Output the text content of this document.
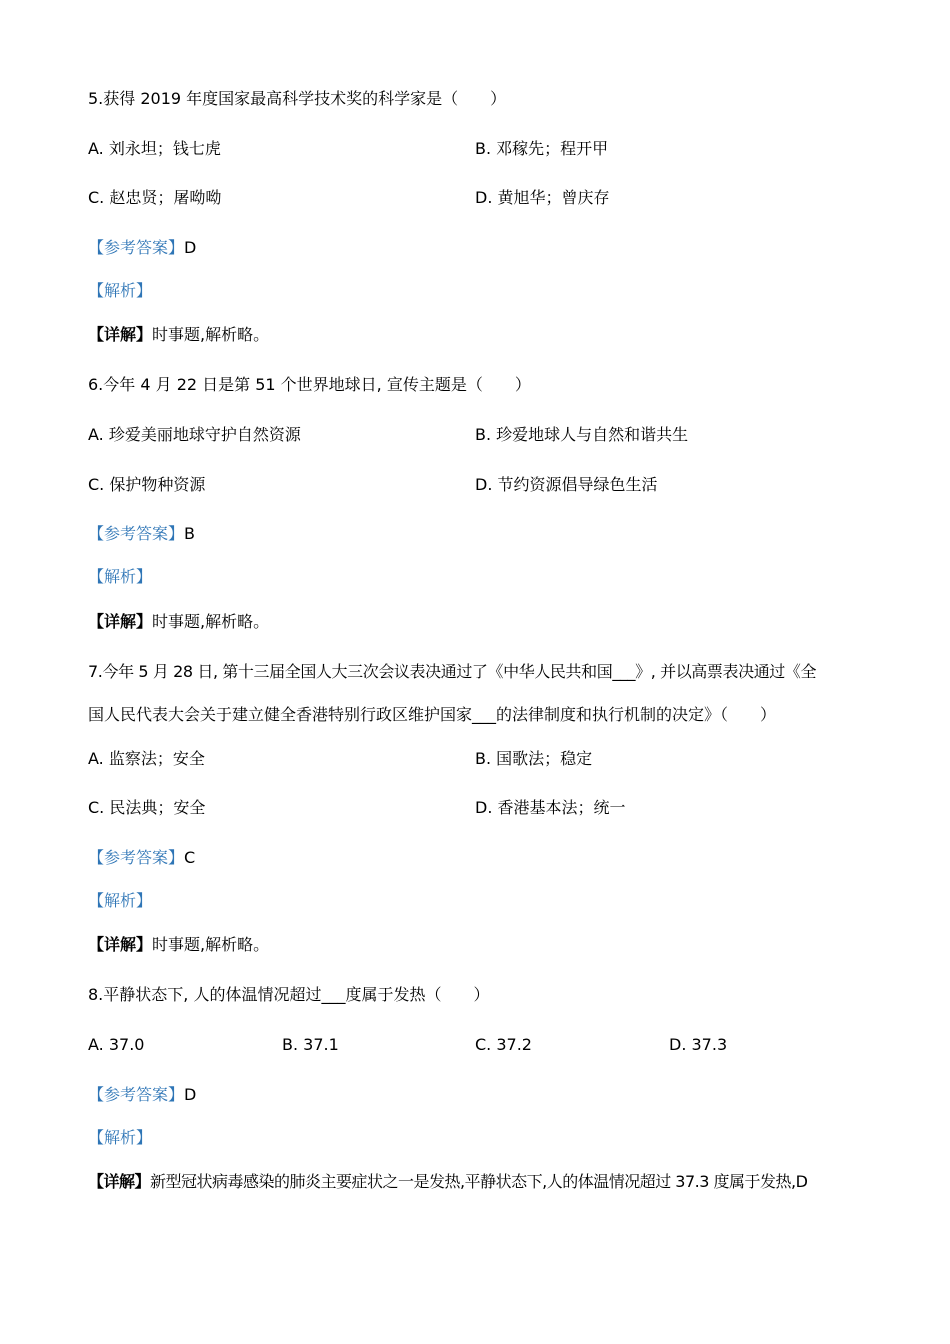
5.获得 2019 年度国家最高科学技术奖的科学家是（　　）
A. 刘永坦；钱七虎	B. 邓稼先；程开甲
C. 赵忠贤；屠呦呦	D. 黄旭华；曾庆存
【参考答案】D
【解析】
【详解】时事题,解析略。
6.今年 4 月 22 日是第 51 个世界地球日, 宣传主题是（　　）
A. 珍爱美丽地球守护自然资源	B. 珍爱地球人与自然和谐共生
C. 保护物种资源	D. 节约资源倡导绿色生活
【参考答案】B
【解析】
【详解】时事题,解析略。
7.今年 5 月 28 日, 第十三届全国人大三次会议表决通过了《中华人民共和国___》, 并以高票表决通过《全
国人民代表大会关于建立健全香港特别行政区维护国家___的法律制度和执行机制的决定》（　　）
A. 监察法；安全	B. 国歌法；稳定
C. 民法典；安全	D. 香港基本法；统一
【参考答案】C
【解析】
【详解】时事题,解析略。
8.平静状态下, 人的体温情况超过___度属于发热（　　）
A. 37.0	B. 37.1	C. 37.2	D. 37.3
【参考答案】D
【解析】
【详解】新型冠状病毒感染的肺炎主要症状之一是发热,平静状态下,人的体温情况超过 37.3 度属于发热,D
